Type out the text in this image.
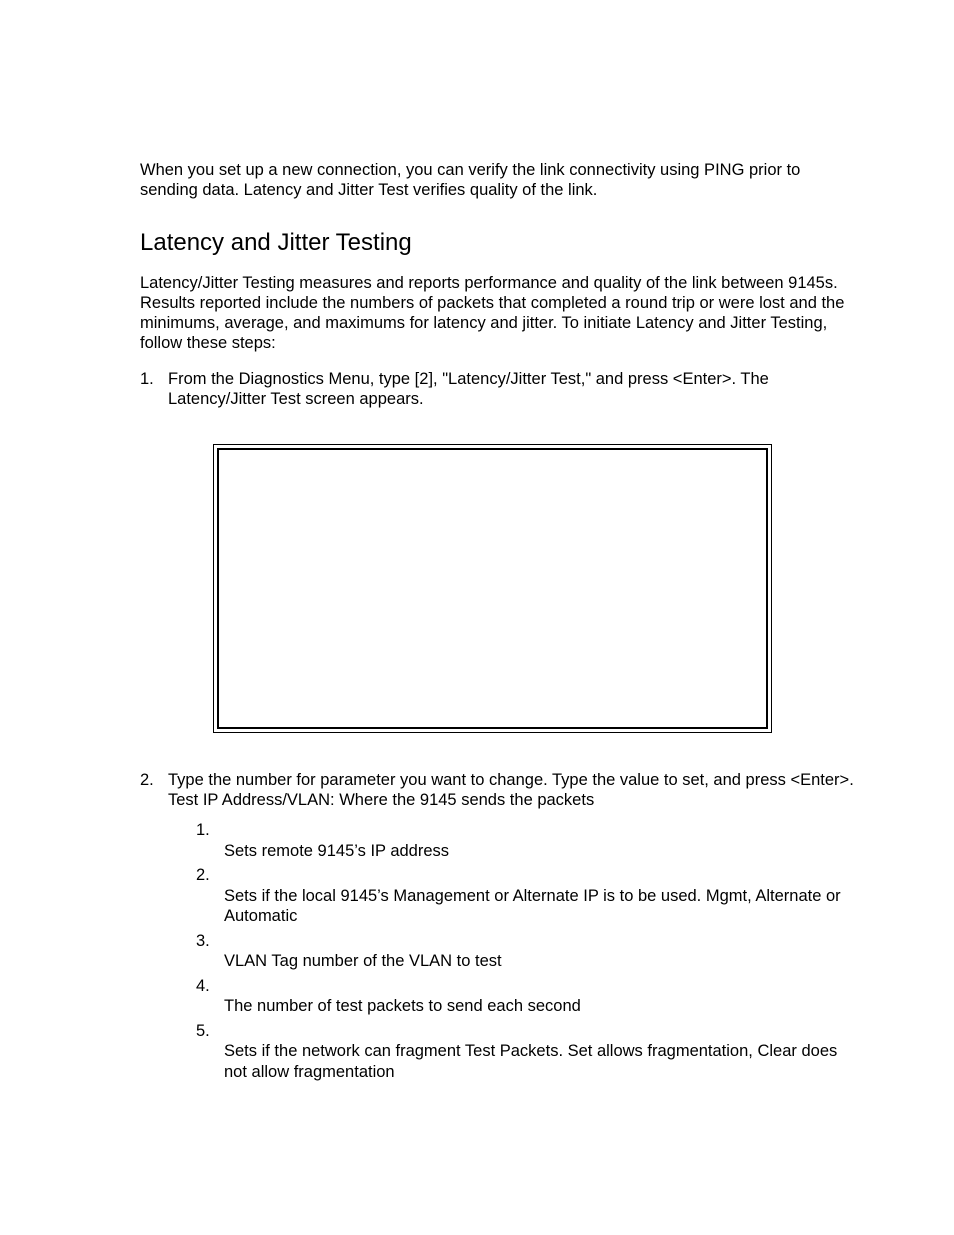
When you set up a new connection, you can verify the link connectivity using PING prior to sending data. Latency and Jitter Test verifies quality of the link.

Latency and Jitter Testing

Latency/Jitter Testing measures and reports performance and quality of the link between 9145s. Results reported include the numbers of packets that completed a round trip or were lost and the minimums, average, and maximums for latency and jitter. To initiate Latency and Jitter Testing, follow these steps:

1. From the Diagnostics Menu, type [2], "Latency/Jitter Test," and press <Enter>. The Latency/Jitter Test screen appears.
2. Type the number for parameter you want to change. Type the value to set, and press <Enter>. Test IP Address/VLAN: Where the 9145 sends the packets
1.
Sets remote 9145’s IP address
2.
Sets if the local 9145’s Management or Alternate IP is to be used. Mgmt, Alternate or Automatic
3.
VLAN Tag number of the VLAN to test
4.
The number of test packets to send each second
5.
Sets if the network can fragment Test Packets. Set allows fragmentation, Clear does not allow fragmentation
